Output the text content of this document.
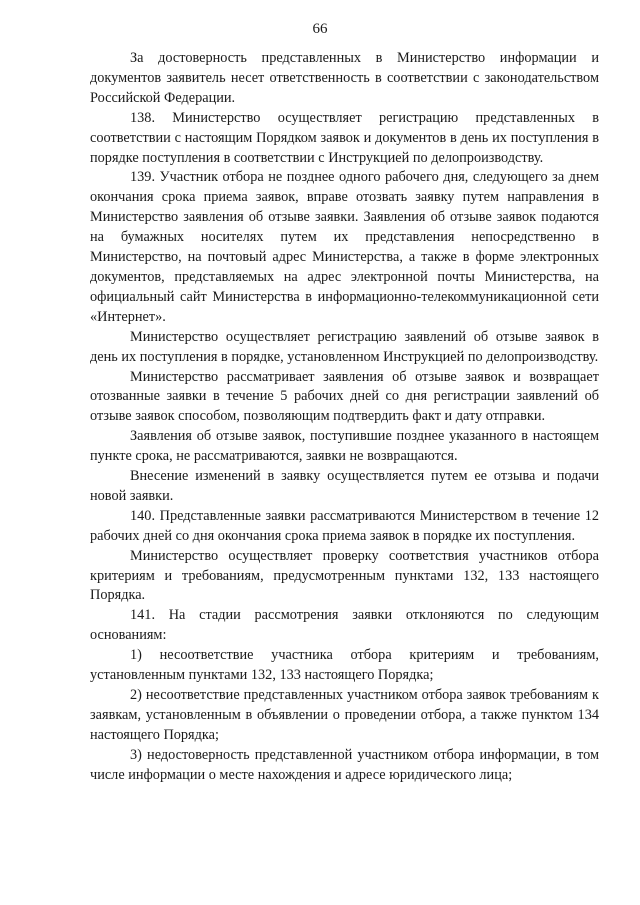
66

За достоверность представленных в Министерство информации и документов заявитель несет ответственность в соответствии с законодательством Российской Федерации.

138. Министерство осуществляет регистрацию представленных в соответствии с настоящим Порядком заявок и документов в день их поступления в порядке поступления в соответствии с Инструкцией по делопроизводству.

139. Участник отбора не позднее одного рабочего дня, следующего за днем окончания срока приема заявок, вправе отозвать заявку путем направления в Министерство заявления об отзыве заявки. Заявления об отзыве заявок подаются на бумажных носителях путем их представления непосредственно в Министерство, на почтовый адрес Министерства, а также в форме электронных документов, представляемых на адрес электронной почты Министерства, на официальный сайт Министерства в информационно-телекоммуникационной сети «Интернет».

Министерство осуществляет регистрацию заявлений об отзыве заявок в день их поступления в порядке, установленном Инструкцией по делопроизводству.

Министерство рассматривает заявления об отзыве заявок и возвращает отозванные заявки в течение 5 рабочих дней со дня регистрации заявлений об отзыве заявок способом, позволяющим подтвердить факт и дату отправки.

Заявления об отзыве заявок, поступившие позднее указанного в настоящем пункте срока, не рассматриваются, заявки не возвращаются.

Внесение изменений в заявку осуществляется путем ее отзыва и подачи новой заявки.

140. Представленные заявки рассматриваются Министерством в течение 12 рабочих дней со дня окончания срока приема заявок в порядке их поступления.

Министерство осуществляет проверку соответствия участников отбора критериям и требованиям, предусмотренным пунктами 132, 133 настоящего Порядка.

141. На стадии рассмотрения заявки отклоняются по следующим основаниям:

1) несоответствие участника отбора критериям и требованиям, установленным пунктами 132, 133 настоящего Порядка;

2) несоответствие представленных участником отбора заявок требованиям к заявкам, установленным в объявлении о проведении отбора, а также пунктом 134 настоящего Порядка;

3) недостоверность представленной участником отбора информации, в том числе информации о месте нахождения и адресе юридического лица;
